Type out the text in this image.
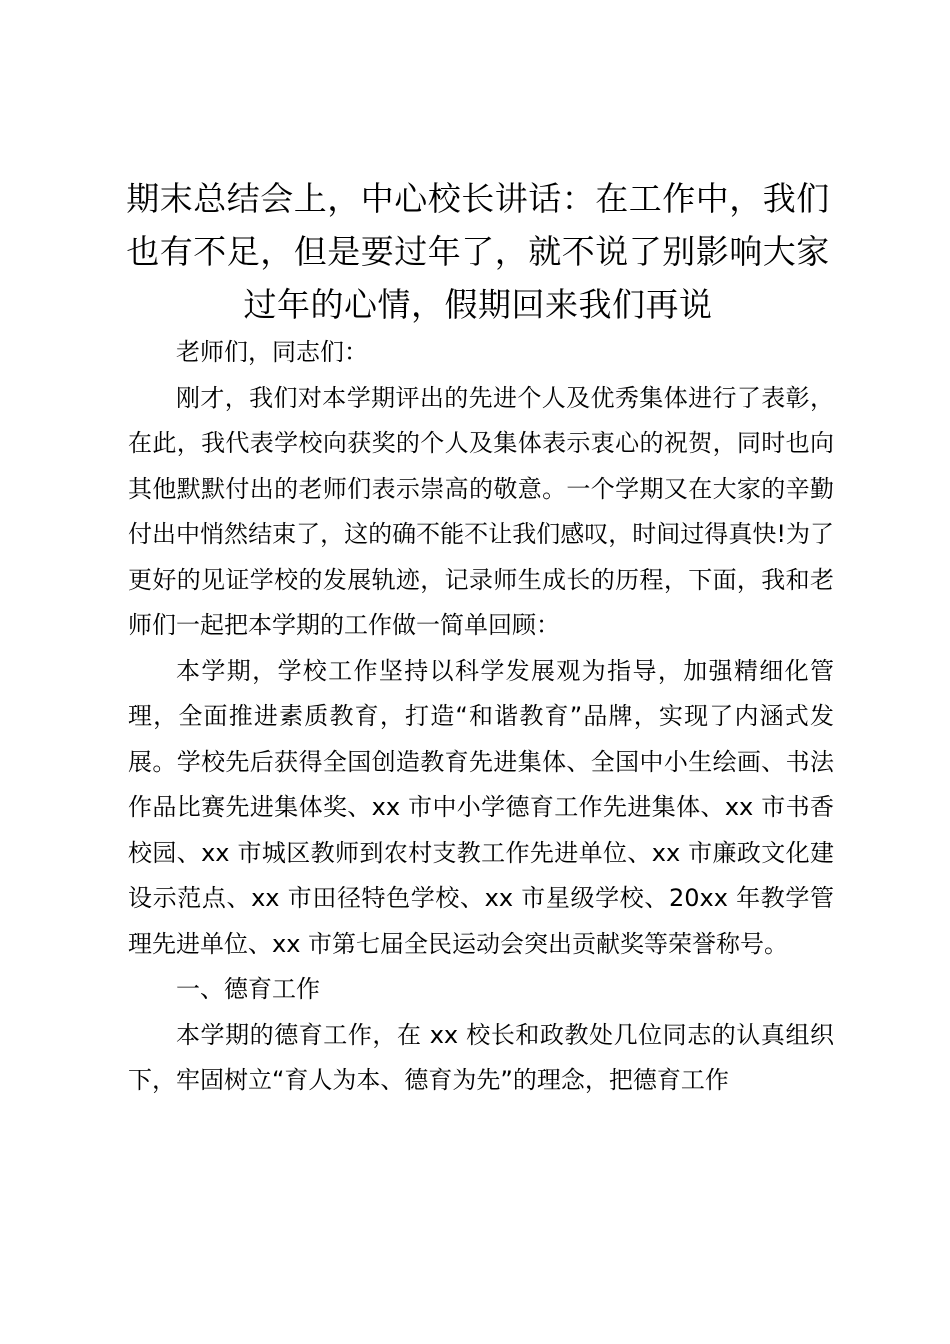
期末总结会上，中心校长讲话：在工作中，我们也有不足，但是要过年了，就不说了别影响大家过年的心情，假期回来我们再说

老师们，同志们：

刚才，我们对本学期评出的先进个人及优秀集体进行了表彰，在此，我代表学校向获奖的个人及集体表示衷心的祝贺，同时也向其他默默付出的老师们表示崇高的敬意。一个学期又在大家的辛勤付出中悄然结束了，这的确不能不让我们感叹，时间过得真快!为了更好的见证学校的发展轨迹，记录师生成长的历程，下面，我和老师们一起把本学期的工作做一简单回顾：

本学期，学校工作坚持以科学发展观为指导，加强精细化管理，全面推进素质教育，打造“和谐教育”品牌，实现了内涵式发展。学校先后获得全国创造教育先进集体、全国中小生绘画、书法作品比赛先进集体奖、xx 市中小学德育工作先进集体、xx 市书香校园、xx 市城区教师到农村支教工作先进单位、xx 市廉政文化建设示范点、xx 市田径特色学校、xx 市星级学校、20xx 年教学管理先进单位、xx 市第七届全民运动会突出贡献奖等荣誉称号。

一、德育工作

本学期的德育工作，在 xx 校长和政教处几位同志的认真组织下，牢固树立“育人为本、德育为先”的理念，把德育工作
